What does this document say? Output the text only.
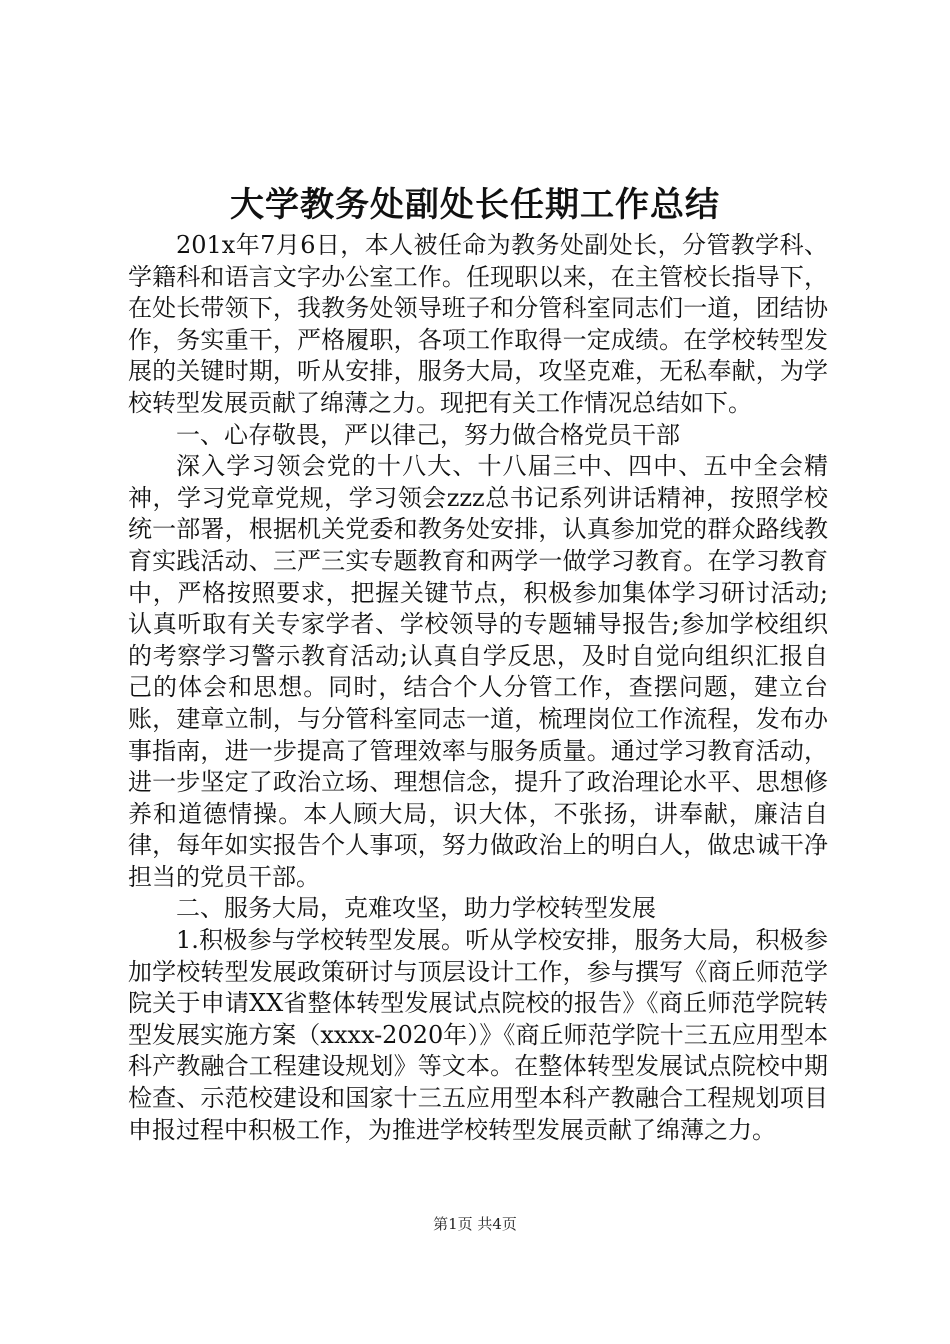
大学教务处副处长任期工作总结

201x年7月6日，本人被任命为教务处副处长，分管教学科、学籍科和语言文字办公室工作。任现职以来，在主管校长指导下，在处长带领下，我教务处领导班子和分管科室同志们一道，团结协作，务实重干，严格履职，各项工作取得一定成绩。在学校转型发展的关键时期，听从安排，服务大局，攻坚克难，无私奉献，为学校转型发展贡献了绵薄之力。现把有关工作情况总结如下。

一、心存敬畏，严以律己，努力做合格党员干部

深入学习领会党的十八大、十八届三中、四中、五中全会精神，学习党章党规，学习领会zzz总书记系列讲话精神，按照学校统一部署，根据机关党委和教务处安排，认真参加党的群众路线教育实践活动、三严三实专题教育和两学一做学习教育。在学习教育中，严格按照要求，把握关键节点，积极参加集体学习研讨活动;认真听取有关专家学者、学校领导的专题辅导报告;参加学校组织的考察学习警示教育活动;认真自学反思，及时自觉向组织汇报自己的体会和思想。同时，结合个人分管工作，查摆问题，建立台账，建章立制，与分管科室同志一道，梳理岗位工作流程，发布办事指南，进一步提高了管理效率与服务质量。通过学习教育活动，进一步坚定了政治立场、理想信念，提升了政治理论水平、思想修养和道德情操。本人顾大局，识大体，不张扬，讲奉献，廉洁自律，每年如实报告个人事项，努力做政治上的明白人，做忠诚干净担当的党员干部。

二、服务大局，克难攻坚，助力学校转型发展

1.积极参与学校转型发展。听从学校安排，服务大局，积极参加学校转型发展政策研讨与顶层设计工作，参与撰写《商丘师范学院关于申请XX省整体转型发展试点院校的报告》《商丘师范学院转型发展实施方案（xxxx-2020年）》《商丘师范学院十三五应用型本科产教融合工程建设规划》等文本。在整体转型发展试点院校中期检查、示范校建设和国家十三五应用型本科产教融合工程规划项目申报过程中积极工作，为推进学校转型发展贡献了绵薄之力。

第1页 共4页
